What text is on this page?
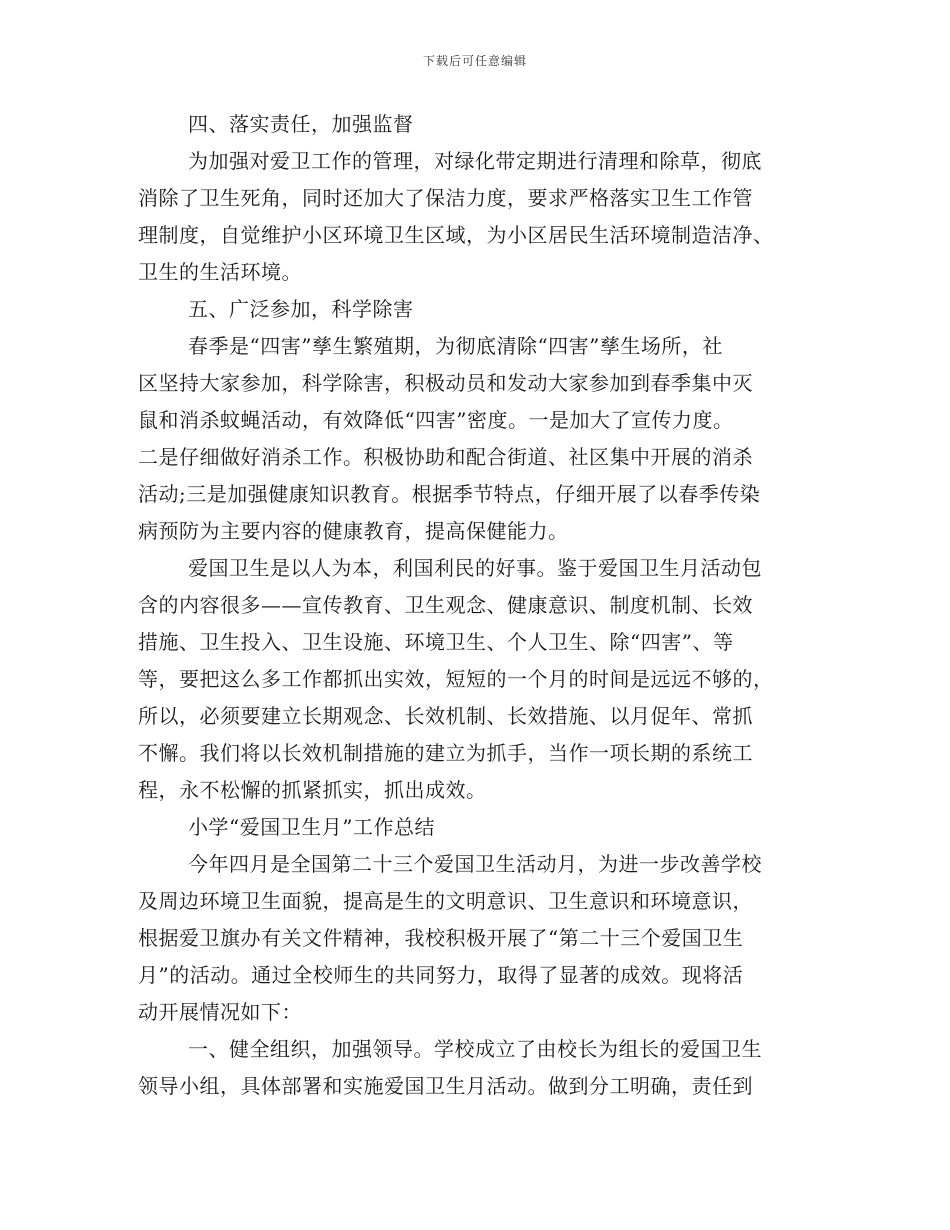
下载后可任意编辑
四、落实责任，加强监督
为加强对爱卫工作的管理，对绿化带定期进行清理和除草，彻底
消除了卫生死角，同时还加大了保洁力度，要求严格落实卫生工作管
理制度，自觉维护小区环境卫生区域，为小区居民生活环境制造洁净、
卫生的生活环境。
五、广泛参加，科学除害
春季是“四害”孳生繁殖期，为彻底清除“四害”孳生场所，社
区坚持大家参加，科学除害，积极动员和发动大家参加到春季集中灭
鼠和消杀蚊蝇活动，有效降低“四害”密度。一是加大了宣传力度。
二是仔细做好消杀工作。积极协助和配合街道、社区集中开展的消杀
活动;三是加强健康知识教育。根据季节特点，仔细开展了以春季传染
病预防为主要内容的健康教育，提高保健能力。
爱国卫生是以人为本，利国利民的好事。鉴于爱国卫生月活动包
含的内容很多——宣传教育、卫生观念、健康意识、制度机制、长效
措施、卫生投入、卫生设施、环境卫生、个人卫生、除“四害”、等
等，要把这么多工作都抓出实效，短短的一个月的时间是远远不够的，
所以，必须要建立长期观念、长效机制、长效措施、以月促年、常抓
不懈。我们将以长效机制措施的建立为抓手，当作一项长期的系统工
程，永不松懈的抓紧抓实，抓出成效。
小学“爱国卫生月”工作总结
今年四月是全国第二十三个爱国卫生活动月，为进一步改善学校
及周边环境卫生面貌，提高是生的文明意识、卫生意识和环境意识，
根据爱卫旗办有关文件精神，我校积极开展了“第二十三个爱国卫生
月”的活动。通过全校师生的共同努力，取得了显著的成效。现将活
动开展情况如下：
一、健全组织，加强领导。学校成立了由校长为组长的爱国卫生
领导小组，具体部署和实施爱国卫生月活动。做到分工明确，责任到
